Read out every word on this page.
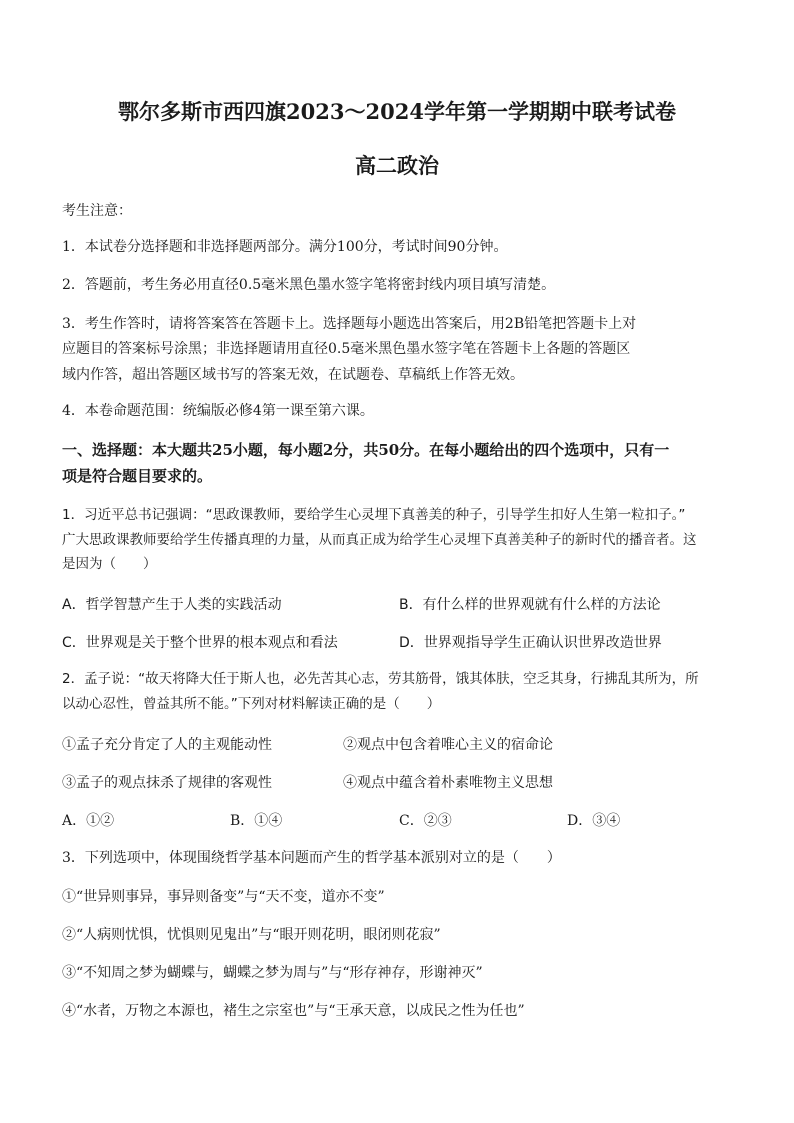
鄂尔多斯市西四旗2023～2024学年第一学期期中联考试卷
高二政治
考生注意：
1．本试卷分选择题和非选择题两部分。满分100分，考试时间90分钟。
2．答题前，考生务必用直径0.5毫米黑色墨水签字笔将密封线内项目填写清楚。
3．考生作答时，请将答案答在答题卡上。选择题每小题选出答案后，用2B铅笔把答题卡上对
应题目的答案标号涂黑；非选择题请用直径0.5毫米黑色墨水签字笔在答题卡上各题的答题区
域内作答，超出答题区域书写的答案无效，在试题卷、草稿纸上作答无效。
4．本卷命题范围：统编版必修4第一课至第六课。
一、选择题：本大题共25小题，每小题2分，共50分。在每小题给出的四个选项中，只有一
项是符合题目要求的。
1．习近平总书记强调：“思政课教师，要给学生心灵埋下真善美的种子，引导学生扣好人生第一粒扣子。”
广大思政课教师要给学生传播真理的力量，从而真正成为给学生心灵埋下真善美种子的新时代的播音者。这
是因为（　　）
A．哲学智慧产生于人类的实践活动	B．有什么样的世界观就有什么样的方法论
C．世界观是关于整个世界的根本观点和看法	D．世界观指导学生正确认识世界改造世界
2．孟子说：“故天将降大任于斯人也，必先苦其心志，劳其筋骨，饿其体肤，空乏其身，行拂乱其所为，所
以动心忍性，曾益其所不能。”下列对材料解读正确的是（　　）
①孟子充分肯定了人的主观能动性	②观点中包含着唯心主义的宿命论
③孟子的观点抹杀了规律的客观性	④观点中蕴含着朴素唯物主义思想
A．①②	B．①④	C．②③	D．③④
3．下列选项中，体现围绕哲学基本问题而产生的哲学基本派别对立的是（　　）
①“世异则事异，事异则备变”与“天不变，道亦不变”
②“人病则忧惧，忧惧则见鬼出”与“眼开则花明，眼闭则花寂”
③“不知周之梦为蝴蝶与，蝴蝶之梦为周与”与“形存神存，形谢神灭”
④“水者，万物之本源也，褚生之宗室也”与“王承天意，以成民之性为任也”
